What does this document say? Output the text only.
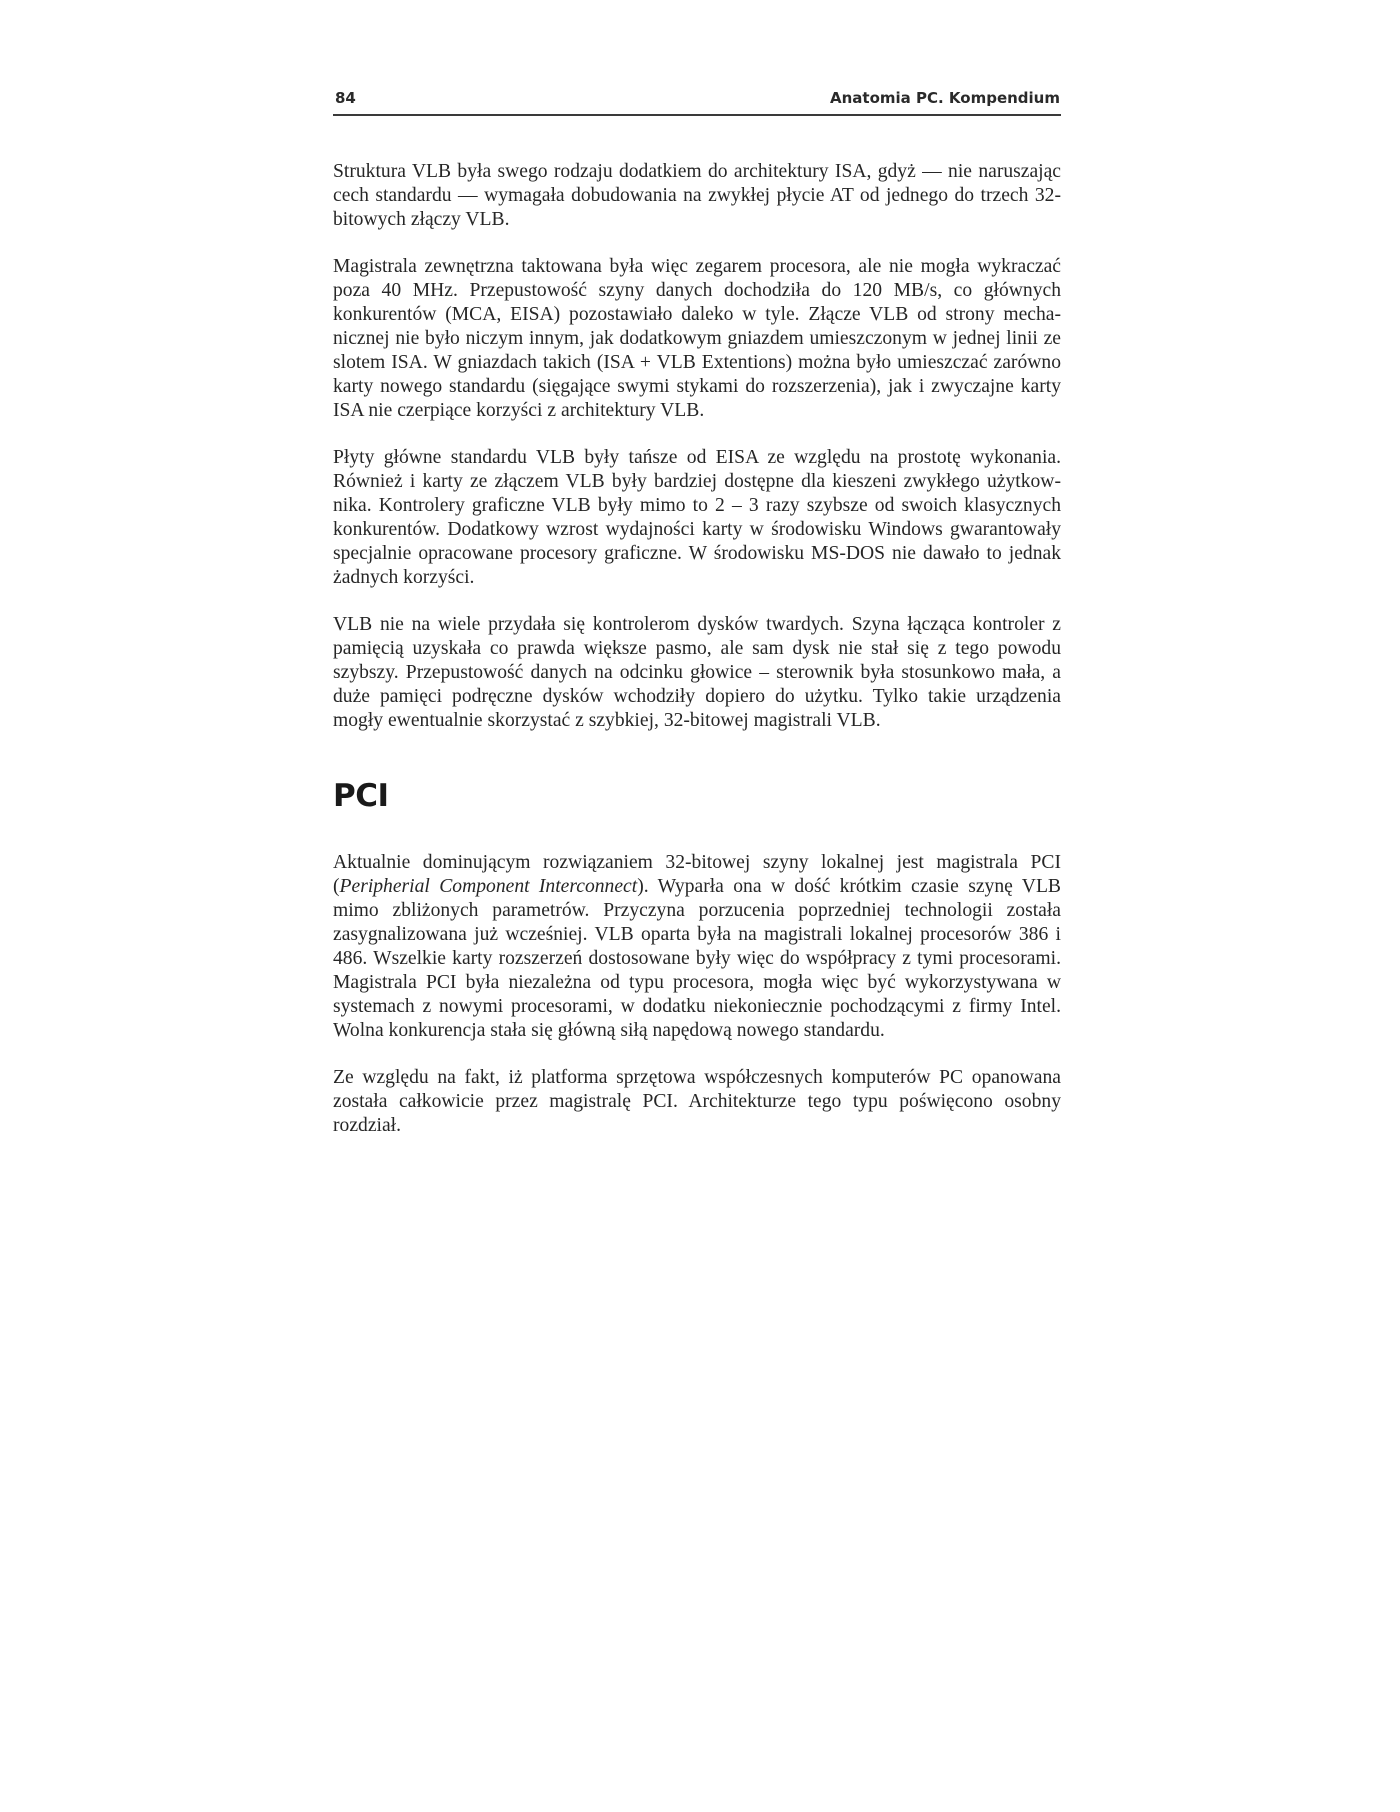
84	Anatomia PC. Kompendium

Struktura VLB była swego rodzaju dodatkiem do architektury ISA, gdyż — nie naruszając cech standardu — wymagała dobudowania na zwykłej płycie AT od jednego do trzech 32-bitowych złączy VLB.

Magistrala zewnętrzna taktowana była więc zegarem procesora, ale nie mogła wykraczać poza 40 MHz. Przepustowość szyny danych dochodziła do 120 MB/s, co głównych konkurentów (MCA, EISA) pozostawiało daleko w tyle. Złącze VLB od strony mechanicznej nie było niczym innym, jak dodatkowym gniazdem umieszczonym w jednej linii ze slotem ISA. W gniazdach takich (ISA + VLB Extentions) można było umieszczać zarówno karty nowego standardu (sięgające swymi stykami do rozszerzenia), jak i zwyczajne karty ISA nie czerpiące korzyści z architektury VLB.

Płyty główne standardu VLB były tańsze od EISA ze względu na prostotę wykonania. Również i karty ze złączem VLB były bardziej dostępne dla kieszeni zwykłego użytkownika. Kontrolery graficzne VLB były mimo to 2 – 3 razy szybsze od swoich klasycznych konkurentów. Dodatkowy wzrost wydajności karty w środowisku Windows gwarantowały specjalnie opracowane procesory graficzne. W środowisku MS-DOS nie dawało to jednak żadnych korzyści.

VLB nie na wiele przydała się kontrolerom dysków twardych. Szyna łącząca kontroler z pamięcią uzyskała co prawda większe pasmo, ale sam dysk nie stał się z tego powodu szybszy. Przepustowość danych na odcinku głowice – sterownik była stosunkowo mała, a duże pamięci podręczne dysków wchodziły dopiero do użytku. Tylko takie urządzenia mogły ewentualnie skorzystać z szybkiej, 32-bitowej magistrali VLB.

PCI

Aktualnie dominującym rozwiązaniem 32-bitowej szyny lokalnej jest magistrala PCI (Peripherial Component Interconnect). Wyparła ona w dość krótkim czasie szynę VLB mimo zbliżonych parametrów. Przyczyna porzucenia poprzedniej technologii została zasygnalizowana już wcześniej. VLB oparta była na magistrali lokalnej procesorów 386 i 486. Wszelkie karty rozszerzeń dostosowane były więc do współpracy z tymi procesorami. Magistrala PCI była niezależna od typu procesora, mogła więc być wykorzystywana w systemach z nowymi procesorami, w dodatku niekoniecznie pochodzącymi z firmy Intel. Wolna konkurencja stała się główną siłą napędową nowego standardu.

Ze względu na fakt, iż platforma sprzętowa współczesnych komputerów PC opanowana została całkowicie przez magistralę PCI. Architekturze tego typu poświęcono osobny rozdział.
